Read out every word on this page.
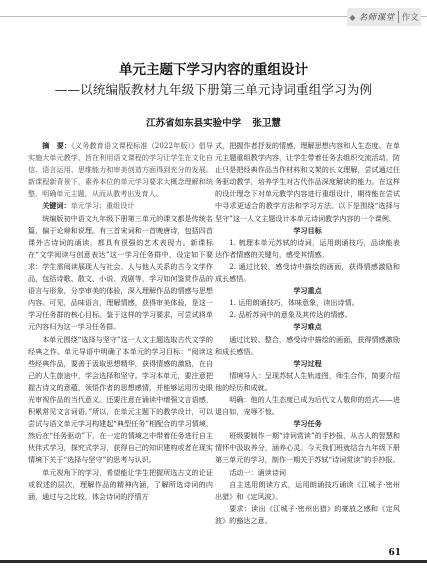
◆ 名师课堂 作文
单元主题下学习内容的重组设计
——以统编版教材九年级下册第三单元诗词重组学习为例
江苏省如东县实验中学 张卫慧

摘　要：《义务教育语文课程标准（2022年版）》倡导实施大单元教学，旨在利用语文课程的学习让学生在文化自信、语言运用、思维能力和审美创造方面得到充分的发展。新课程新背景下，素养本位的单元学习要求大概念理解和统整，明确单元主题，从而从教考出发育人。

关键词：单元学习；重组设计

统编版初中语文九年级下册第三单元的课文都是传统名篇，偏于论辩和说理。有三首宋词和一首晚唐诗，包括四首课外古诗词的诵读，都具有很强的艺术表现力。新课标在“文学阅读与创意表达”这一学习任务群中，设定如下要求：学生需阅读展现人与社会、人与他人关系的古今文学作品，包括诗歌、散文、小说、戏剧等，学习如何鉴赏作品的语言与形象，分享审美的体验，深入理解作品的情感与思想内容。可见，品味语言，理解情感，获得审美体验，是这一学习任务群的核心目标。鉴于这样的学习要求，可尝试将单元内容归为这一学习任务群。

本单元围绕“选择与坚守”这一人文主题选取古代文学的经典之作。单元导语中明确了本单元的学习目标：“阅读这些经典作品，要善于汲取思想精华，获得情感的激励，在自己的人生旅途中，学会选择和坚守。学习本单元，要注意把握古诗文的意蕴，领悟作者的思想感情，并能够运用历史眼光审视作品的当代意义。还要注意在诵读中增强文言语感，积累常见文言词语。”所以，在单元主题下的教学设计，可以尝试与语文单元学习构建起“典型任务”相配合的学习情境，然后在“任务驱动”下，在一定的情境之中带着任务进行自主伙伴式学习，探究式学习，获得自己的知识建构或者在现实情境下关于“选择与坚守”的思考与认识。

单元视角下的学习，希望能让学生把握所选古文的论证或叙述的层次，理解作品的精神内涵，了解所选诗词的内涵，通过与之比较，体会诗词的抒情方

式，把握作者抒发的情感，理解思想内容和人生态度。在单元主题重组教学内容，让学生带着任务去组织交流活动，防止只是把经典作品当作材料和文架的长文理解，尝试通过任务驱动教学，培养学生对古代作品深度解读的能力。在这样的设计理念下对单元教学内容进行重组设计，期待能在尝试中寻求更适合的教学方法和学习方法。以下是围绕“选择与坚守”这一人文主题设计本单元诗词教学内容的一个课例。

学习目标

1. 梳理本单元苏轼的诗词，运用朗诵技巧，品读能表达作者情感的关键句，感受其情感。

2. 通过比较，感受诗中描绘的画面，获得情感激励和成长感悟。

学习重点

1. 运用朗诵技巧，体味意象，读出诗情。

2. 品析苏词中的意象及其传达的情感。

学习难点

通过比较、整合，感受诗中描绘的画面，获得情感激励和成长感悟。

学习过程

情境导入：呈现苏轼人生轨迹图，师生合作，简要介绍他的经历和成就。

明确：他的人生态度已成为后代文人敬仰的范式——进退自如，宠辱不惊。

学习任务

班级要制作一期“诗词赏读”的手抄报，从古人的智慧和情怀中汲取养分，涵养心灵。今天我们班就结合九年级下册第三单元的学习，制作一期关于苏轼“诗词赏读”的手抄报。

活动一：诵读诗词

自主选用朗读方式，运用朗诵技巧诵读《江城子·密州出猎》和《定风波》。

要求：读出《江城子·密州出猎》的豪放之感和《定风波》的豁达之意。

61
